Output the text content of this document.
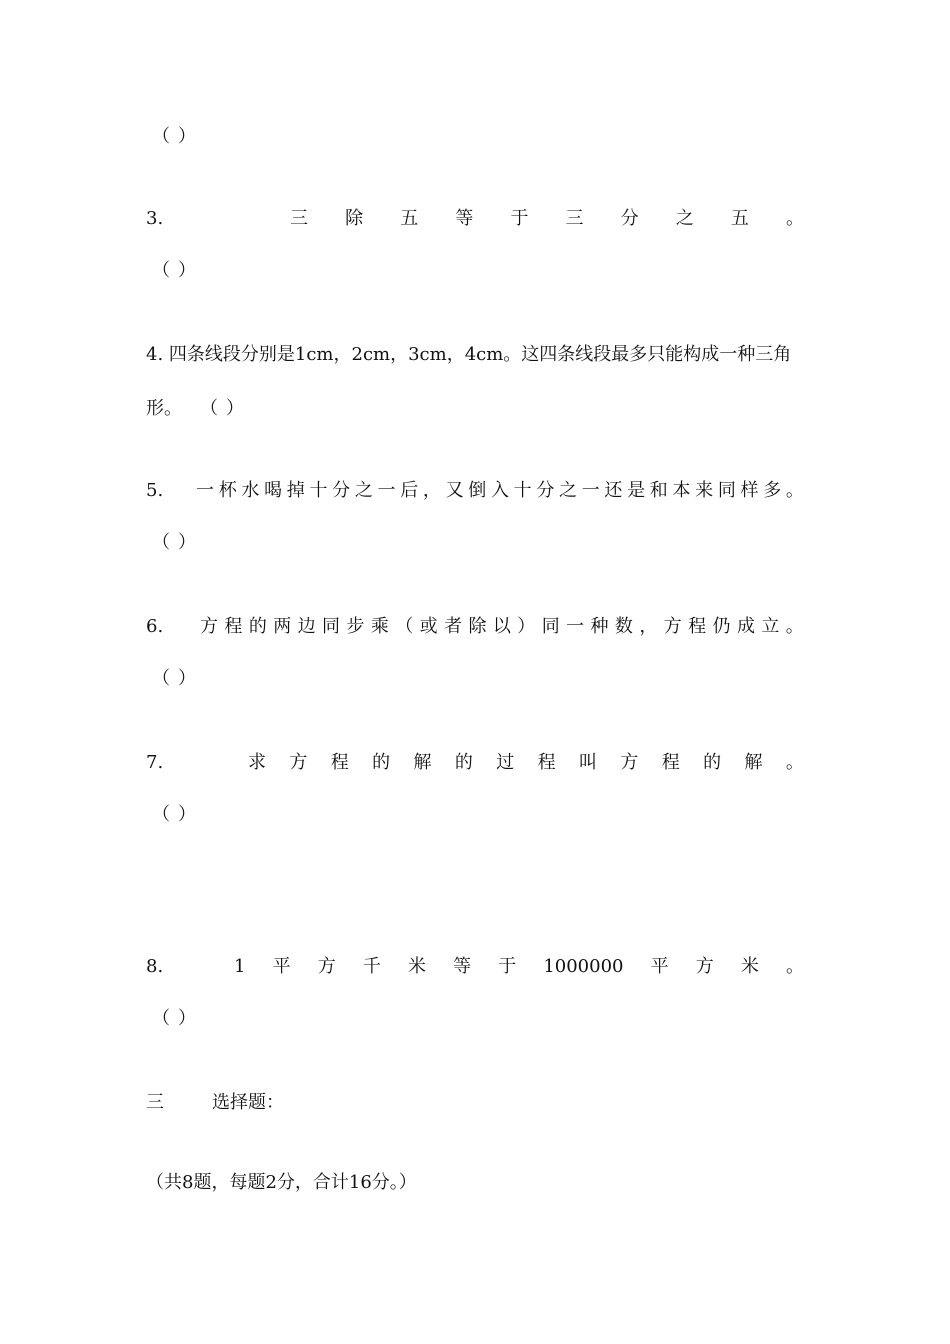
（ ）
3.	三 除 五 等 于 三 分 之 五 。
（ ）
4. 四条线段分别是1cm，2cm，3cm，4cm。这四条线段最多只能构成一种三角
形。 （ ）
5. 一 杯 水 喝 掉 十 分 之 一 后 ， 又 倒 入 十 分 之 一 还 是 和 本 来 同 样 多 。
（ ）
6. 方 程 的 两 边 同 步 乘 （ 或 者 除 以 ） 同 一 种 数 ， 方 程 仍 成 立 。
（ ）
7.	求 方 程 的 解 的 过 程 叫 方 程 的 解 。
（ ）
8.	1 平 方 千 米 等 于 1000000 平 方 米 。
（ ）
三	选择题：
（共8题，每题2分，合计16分。）
